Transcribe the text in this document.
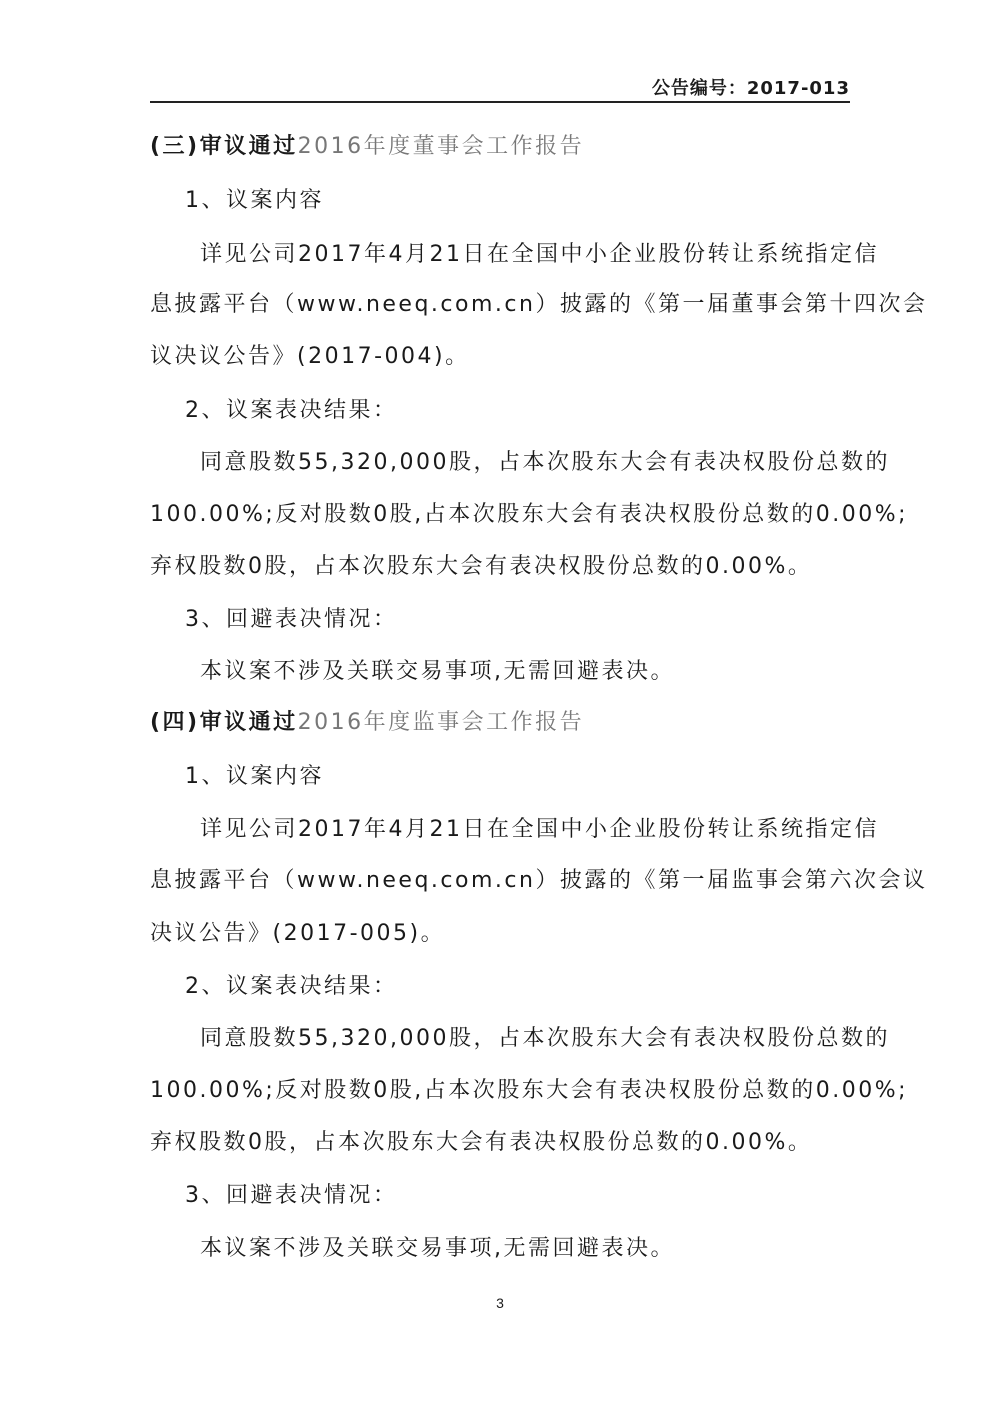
公告编号：2017-013
(三)审议通过2016年度董事会工作报告
1、议案内容
详见公司2017年4月21日在全国中小企业股份转让系统指定信
息披露平台（www.neeq.com.cn）披露的《第一届董事会第十四次会
议决议公告》(2017-004)。
2、议案表决结果：
同意股数55,320,000股，占本次股东大会有表决权股份总数的
100.00%;反对股数0股,占本次股东大会有表决权股份总数的0.00%;
弃权股数0股，占本次股东大会有表决权股份总数的0.00%。
3、回避表决情况：
本议案不涉及关联交易事项,无需回避表决。
(四)审议通过2016年度监事会工作报告
1、议案内容
详见公司2017年4月21日在全国中小企业股份转让系统指定信
息披露平台（www.neeq.com.cn）披露的《第一届监事会第六次会议
决议公告》(2017-005)。
2、议案表决结果：
同意股数55,320,000股，占本次股东大会有表决权股份总数的
100.00%;反对股数0股,占本次股东大会有表决权股份总数的0.00%;
弃权股数0股，占本次股东大会有表决权股份总数的0.00%。
3、回避表决情况：
本议案不涉及关联交易事项,无需回避表决。
3
